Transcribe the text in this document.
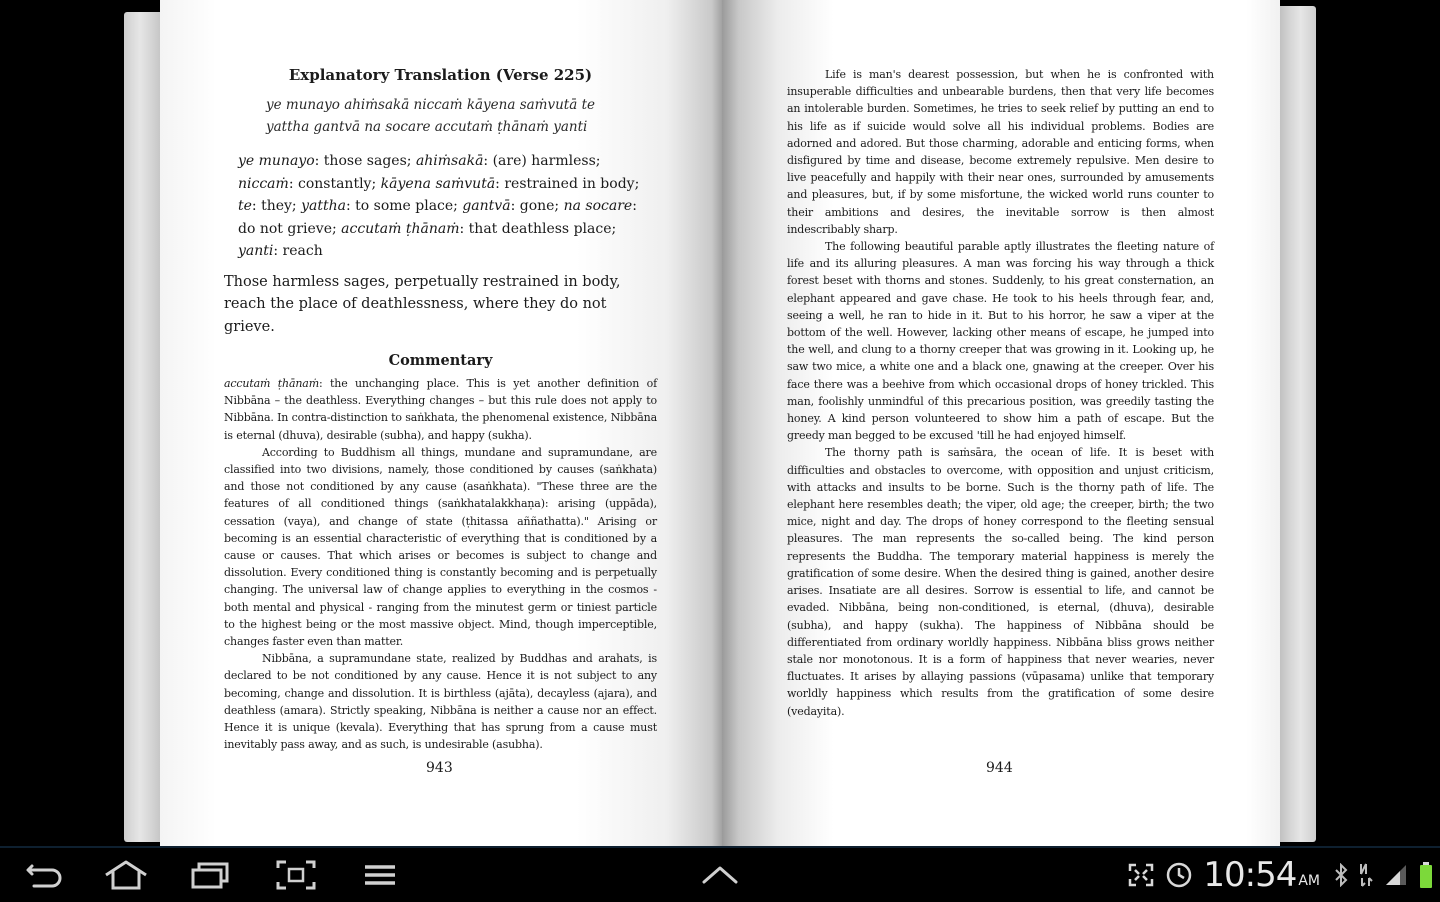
Explanatory Translation (Verse 225)
ye munayo ahiṁsakā niccaṁ kāyena saṁvutā te
yattha gantvā na socare accutaṁ ṭhānaṁ yanti
ye munayo: those sages; ahiṁsakā: (are) harmless; niccaṁ: constantly; kāyena saṁvutā: restrained in body; te: they; yattha: to some place; gantvā: gone; na socare: do not grieve; accutaṁ ṭhānaṁ: that deathless place; yanti: reach
Those harmless sages, perpetually restrained in body, reach the place of deathlessness, where they do not grieve.
Commentary

accutaṁ ṭhānaṁ: the unchanging place. This is yet another definition of Nibbāna – the deathless. Everything changes – but this rule does not apply to Nibbāna. In contra-distinction to saṅkhata, the phenomenal existence, Nibbāna is eternal (dhuva), desirable (subha), and happy (sukha).

According to Buddhism all things, mundane and supramundane, are classified into two divisions, namely, those conditioned by causes (saṅkhata) and those not conditioned by any cause (asaṅkhata). "These three are the features of all conditioned things (saṅkhatalakkhaṇa): arising (uppāda), cessation (vaya), and change of state (ṭhitassa aññathatta)." Arising or becoming is an essential characteristic of everything that is conditioned by a cause or causes. That which arises or becomes is subject to change and dissolution. Every conditioned thing is constantly becoming and is perpetually changing. The universal law of change applies to everything in the cosmos - both mental and physical - ranging from the minutest germ or tiniest particle to the highest being or the most massive object. Mind, though imperceptible, changes faster even than matter.

Nibbāna, a supramundane state, realized by Buddhas and arahats, is declared to be not conditioned by any cause. Hence it is not subject to any becoming, change and dissolution. It is birthless (ajāta), decayless (ajara), and deathless (amara). Strictly speaking, Nibbāna is neither a cause nor an effect. Hence it is unique (kevala). Everything that has sprung from a cause must inevitably pass away, and as such, is undesirable (asubha).

943

Life is man's dearest possession, but when he is confronted with insuperable difficulties and unbearable burdens, then that very life becomes an intolerable burden. Sometimes, he tries to seek relief by putting an end to his life as if suicide would solve all his individual problems. Bodies are adorned and adored. But those charming, adorable and enticing forms, when disfigured by time and disease, become extremely repulsive. Men desire to live peacefully and happily with their near ones, surrounded by amusements and pleasures, but, if by some misfortune, the wicked world runs counter to their ambitions and desires, the inevitable sorrow is then almost indescribably sharp.

The following beautiful parable aptly illustrates the fleeting nature of life and its alluring pleasures. A man was forcing his way through a thick forest beset with thorns and stones. Suddenly, to his great consternation, an elephant appeared and gave chase. He took to his heels through fear, and, seeing a well, he ran to hide in it. But to his horror, he saw a viper at the bottom of the well. However, lacking other means of escape, he jumped into the well, and clung to a thorny creeper that was growing in it. Looking up, he saw two mice, a white one and a black one, gnawing at the creeper. Over his face there was a beehive from which occasional drops of honey trickled. This man, foolishly unmindful of this precarious position, was greedily tasting the honey. A kind person volunteered to show him a path of escape. But the greedy man begged to be excused 'till he had enjoyed himself.

The thorny path is saṁsāra, the ocean of life. It is beset with difficulties and obstacles to overcome, with opposition and unjust criticism, with attacks and insults to be borne. Such is the thorny path of life. The elephant here resembles death; the viper, old age; the creeper, birth; the two mice, night and day. The drops of honey correspond to the fleeting sensual pleasures. The man represents the so-called being. The kind person represents the Buddha. The temporary material happiness is merely the gratification of some desire. When the desired thing is gained, another desire arises. Insatiate are all desires. Sorrow is essential to life, and cannot be evaded. Nibbāna, being non-conditioned, is eternal, (dhuva), desirable (subha), and happy (sukha). The happiness of Nibbāna should be differentiated from ordinary worldly happiness. Nibbāna bliss grows neither stale nor monotonous. It is a form of happiness that never wearies, never fluctuates. It arises by allaying passions (vūpasama) unlike that temporary worldly happiness which results from the gratification of some desire (vedayita).

944
10:54 AM
